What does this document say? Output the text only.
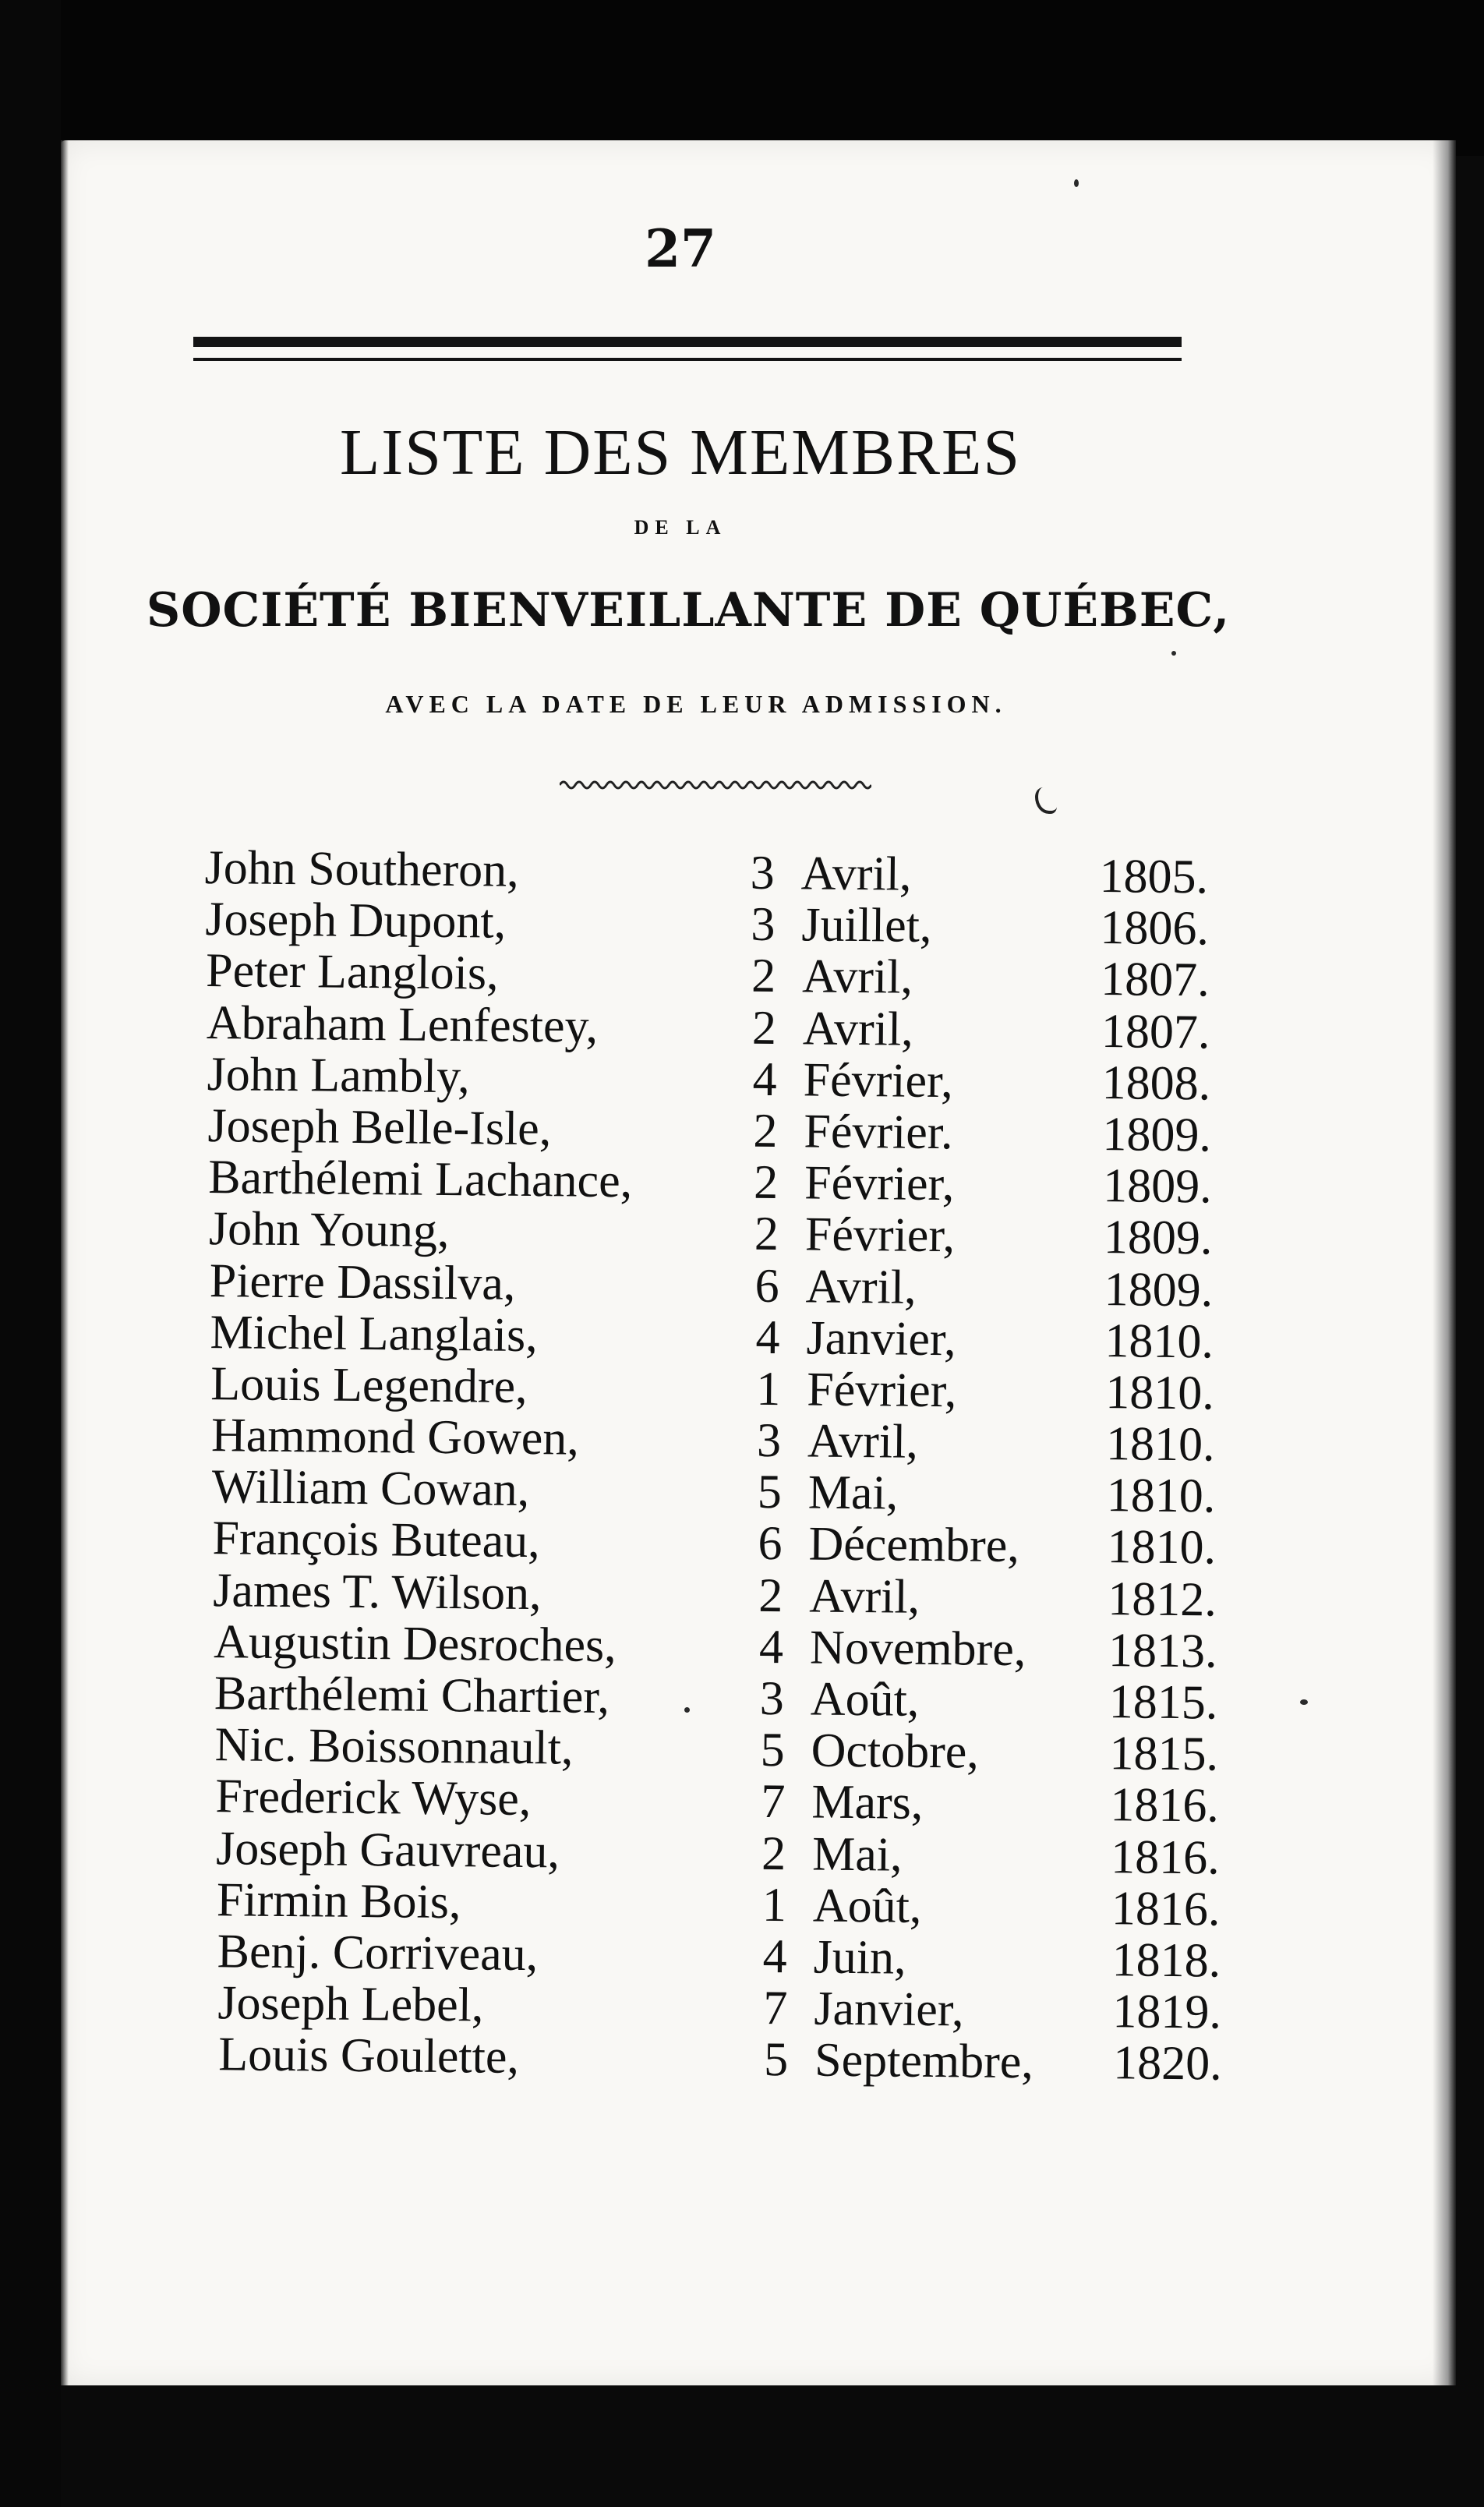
27
LISTE DES MEMBRES
DE LA
SOCIÉTÉ BIENVEILLANTE DE QUÉBEC,
AVEC LA DATE DE LEUR ADMISSION.
John Southeron,	3 Avril,	1805.
Joseph Dupont,	3 Juillet,	1806.
Peter Langlois,	2 Avril,	1807.
Abraham Lenfestey,	2 Avril,	1807.
John Lambly,	4 Février,	1808.
Joseph Belle-Isle,	2 Février.	1809.
Barthélemi Lachance,	2 Février,	1809.
John Young,	2 Février,	1809.
Pierre Dassilva,	6 Avril,	1809.
Michel Langlais,	4 Janvier,	1810.
Louis Legendre,	1 Février,	1810.
Hammond Gowen,	3 Avril,	1810.
William Cowan,	5 Mai,	1810.
François Buteau,	6 Décembre, 1810.
James T. Wilson,	2 Avril,	1812.
Augustin Desroches,	4 Novembre, 1813.
Barthélemi Chartier,	3 Août,	1815.
Nic. Boissonnault,	5 Octobre,	1815.
Frederick Wyse,	7 Mars,	1816.
Joseph Gauvreau,	2 Mai,	1816.
Firmin Bois,	1 Août,	1816.
Benj. Corriveau,	4 Juin,	1818.
Joseph Lebel,	7 Janvier,	1819.
Louis Goulette,	5 Septembre, 1820.
